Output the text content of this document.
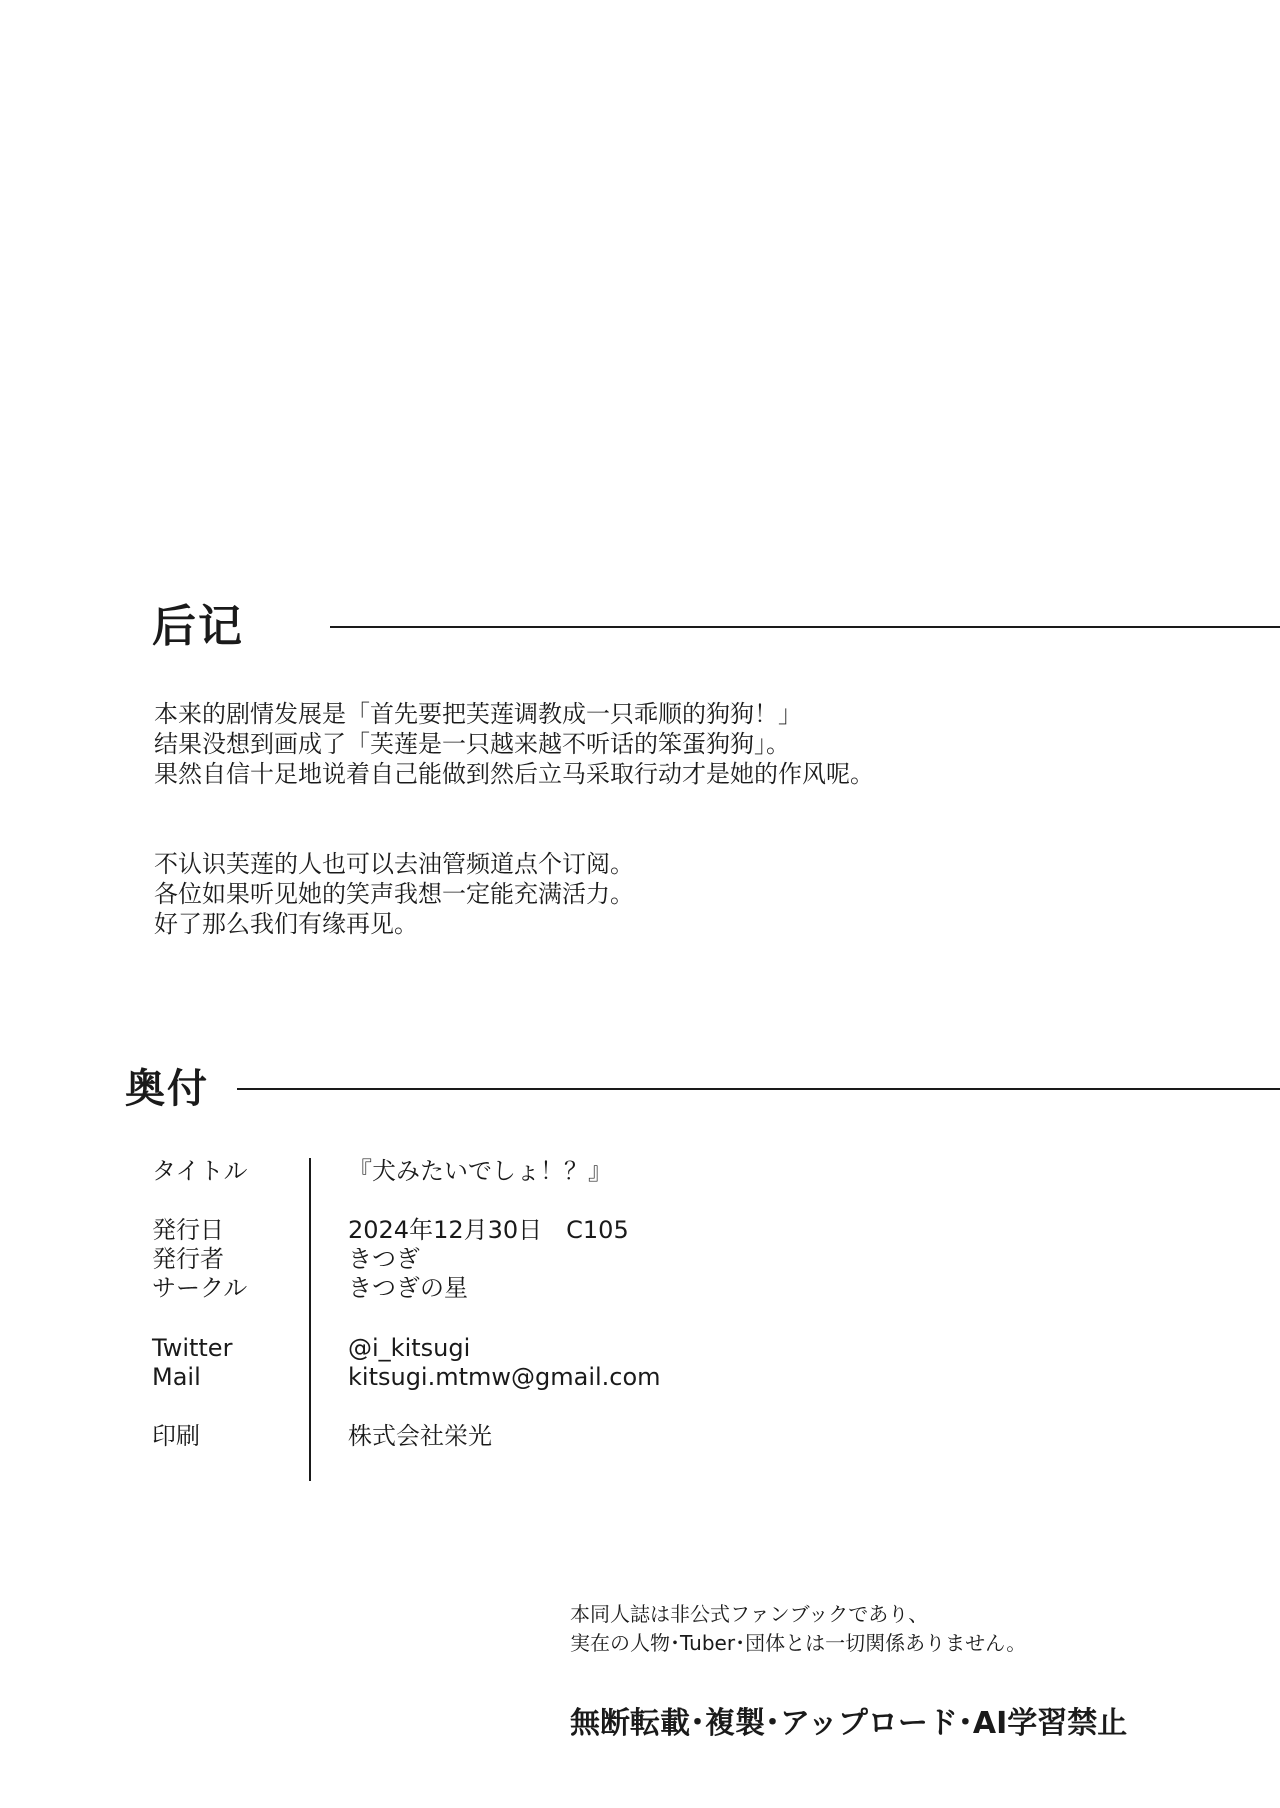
后记
本来的剧情发展是「首先要把芙莲调教成一只乖顺的狗狗！」
结果没想到画成了「芙莲是一只越来越不听话的笨蛋狗狗」。
果然自信十足地说着自己能做到然后立马采取行动才是她的作风呢。
不认识芙莲的人也可以去油管频道点个订阅。
各位如果听见她的笑声我想一定能充满活力。
好了那么我们有缘再见。
奥付
タイトル	『犬みたいでしょ！？』
発行日	2024年12月30日　C105
発行者	きつぎ
サークル	きつぎの星
Twitter	@i_kitsugi
Mail	kitsugi.mtmw@gmail.com
印刷	株式会社栄光
本同人誌は非公式ファンブックであり、
実在の人物･Tuber･団体とは一切関係ありません。
無断転載･複製･アップロード･AI学習禁止
